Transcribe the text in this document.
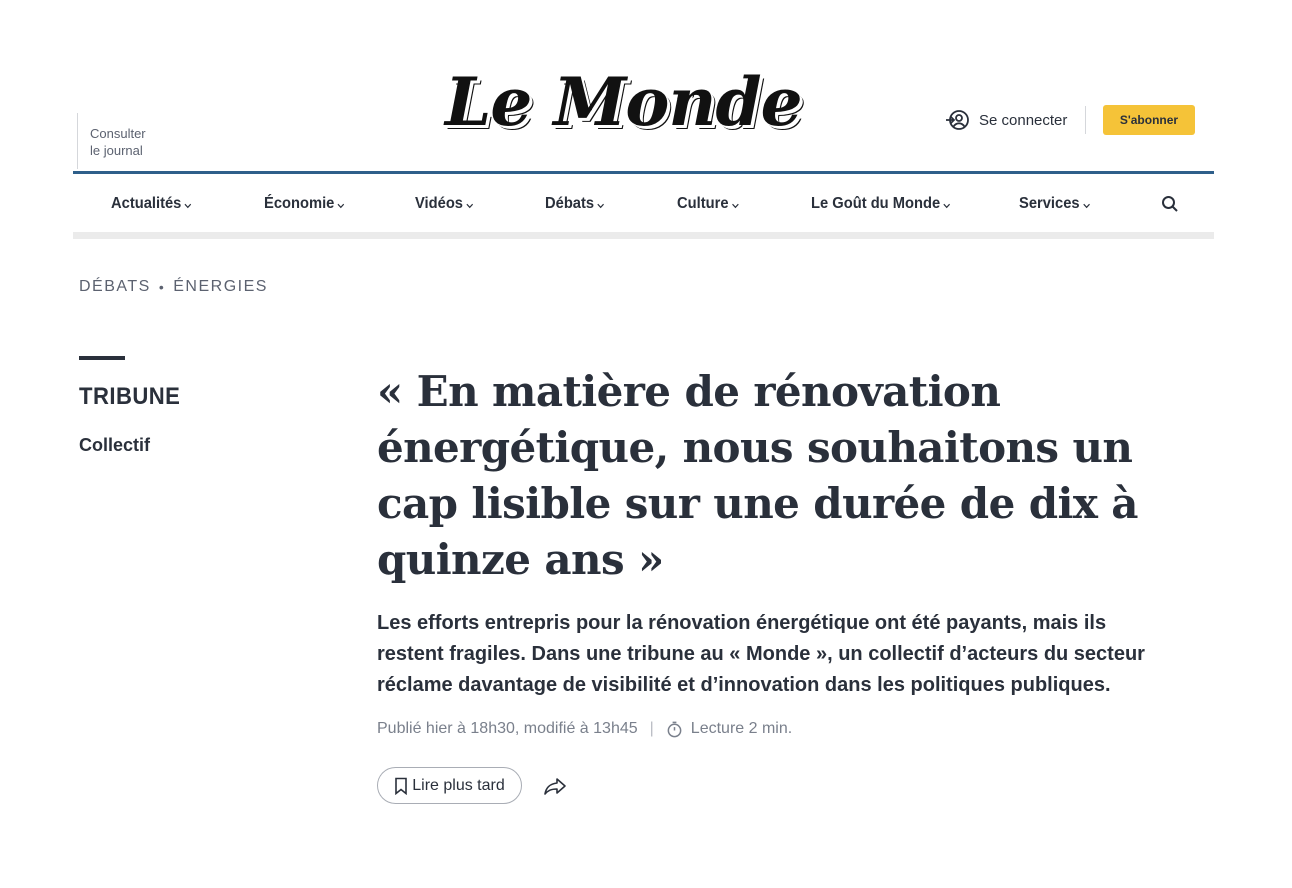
Consulter
le journal
Le Monde	Se connecter	S'abonner
Actualités	Économie	Vidéos	Débats	Culture	Le Goût du Monde	Services
DÉBATS • ÉNERGIES
TRIBUNE
Collectif
« En matière de rénovation énergétique, nous souhaitons un cap lisible sur une durée de dix à quinze ans »

Les efforts entrepris pour la rénovation énergétique ont été payants, mais ils restent fragiles. Dans une tribune au « Monde », un collectif d’acteurs du secteur réclame davantage de visibilité et d’innovation dans les politiques publiques.

Publié hier à 18h30, modifié à 13h45 | Lecture 2 min.
Lire plus tard
